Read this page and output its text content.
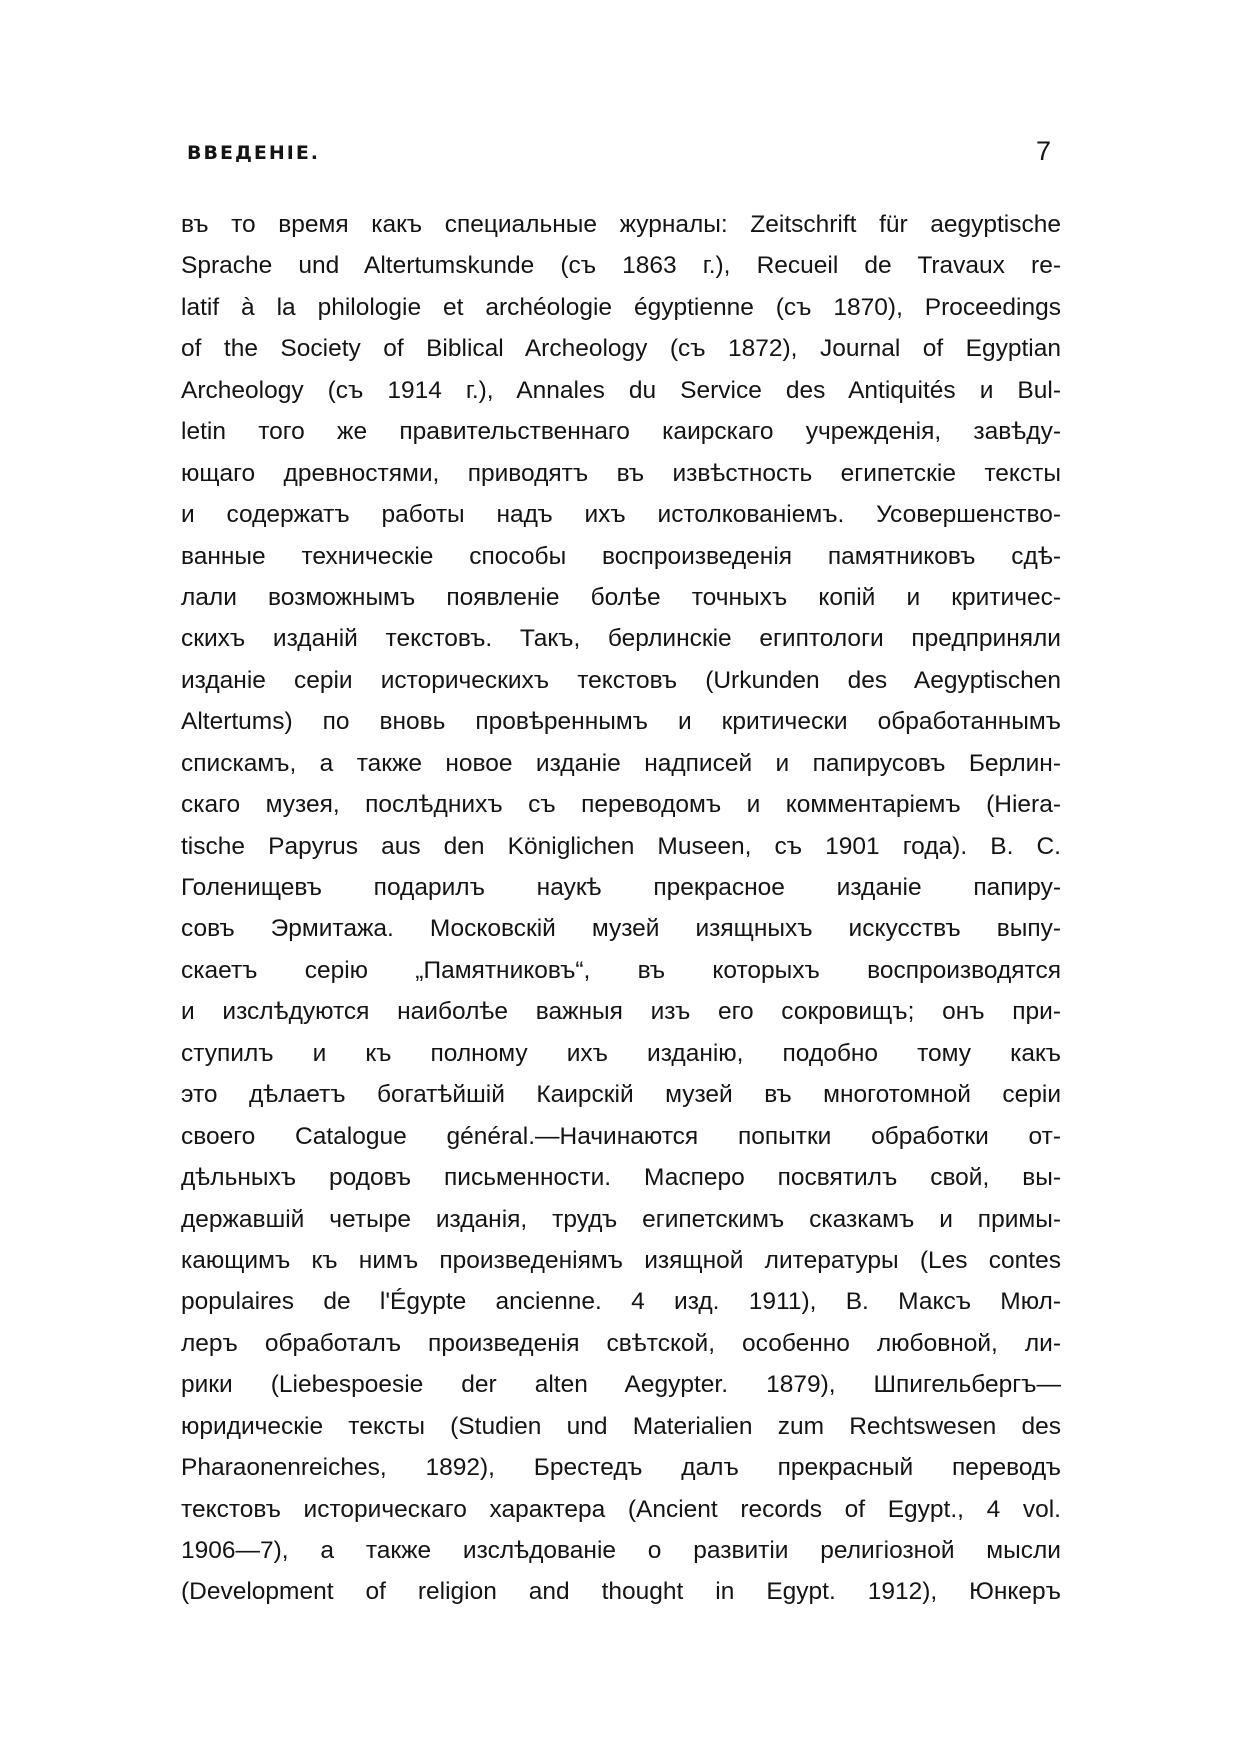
ВВЕДЕНІЕ.	7
въ то время какъ специальные журналы: Zeitschrift für aegyptische
Sprache und Altertumskunde (съ 1863 г.), Recueil de Travaux re-
latif à la philologie et archéologie égyptienne (съ 1870), Proceedings
of the Society of Biblical Archeology (съ 1872), Journal of Egyptian
Archeology (съ 1914 г.), Annales du Service des Antiquités и Bul-
letin того же правительственнаго каирскаго учрежденія, завѣду-
ющаго древностями, приводятъ въ извѣстность египетскіе тексты
и содержатъ работы надъ ихъ истолкованіемъ. Усовершенство-
ванные техническіе способы воспроизведенія памятниковъ сдѣ-
лали возможнымъ появленіе болѣе точныхъ копій и критичес-
скихъ изданій текстовъ. Такъ, берлинскіе египтологи предприняли
изданіе серіи историческихъ текстовъ (Urkunden des Aegyptischen
Altertums) по вновь провѣреннымъ и критически обработаннымъ
спискамъ, а также новое изданіе надписей и папирусовъ Берлин-
скаго музея, послѣднихъ съ переводомъ и комментаріемъ (Hiera-
tische Papyrus aus den Königlichen Museen, съ 1901 года). В. С.
Голенищевъ подарилъ наукѣ прекрасное изданіе папиру-
совъ Эрмитажа. Московскій музей изящныхъ искусствъ выпу-
скаетъ серію „Памятниковъ“, въ которыхъ воспроизводятся
и изслѣдуются наиболѣе важныя изъ его сокровищъ; онъ при-
ступилъ и къ полному ихъ изданію, подобно тому какъ
это дѣлаетъ богатѣйшій Каирскій музей въ многотомной серіи
своего Catalogue général.—Начинаются попытки обработки от-
дѣльныхъ родовъ письменности. Масперо посвятилъ свой, вы-
державшій четыре изданія, трудъ египетскимъ сказкамъ и примы-
кающимъ къ нимъ произведеніямъ изящной литературы (Les contes
populaires de l'Égypte ancienne. 4 изд. 1911), В. Максъ Мюл-
леръ обработалъ произведенія свѣтской, особенно любовной, ли-
рики (Liebespoesie der alten Aegypter. 1879), Шпигельбергъ—
юридическіе тексты (Studien und Materialien zum Rechtswesen des
Pharaonenreiches, 1892), Брестедъ далъ прекрасный переводъ
текстовъ историческаго характера (Ancient records of Egypt., 4 vol.
1906—7), а также изслѣдованіе о развитіи религіозной мысли
(Development of religion and thought in Egypt. 1912), Юнкеръ
